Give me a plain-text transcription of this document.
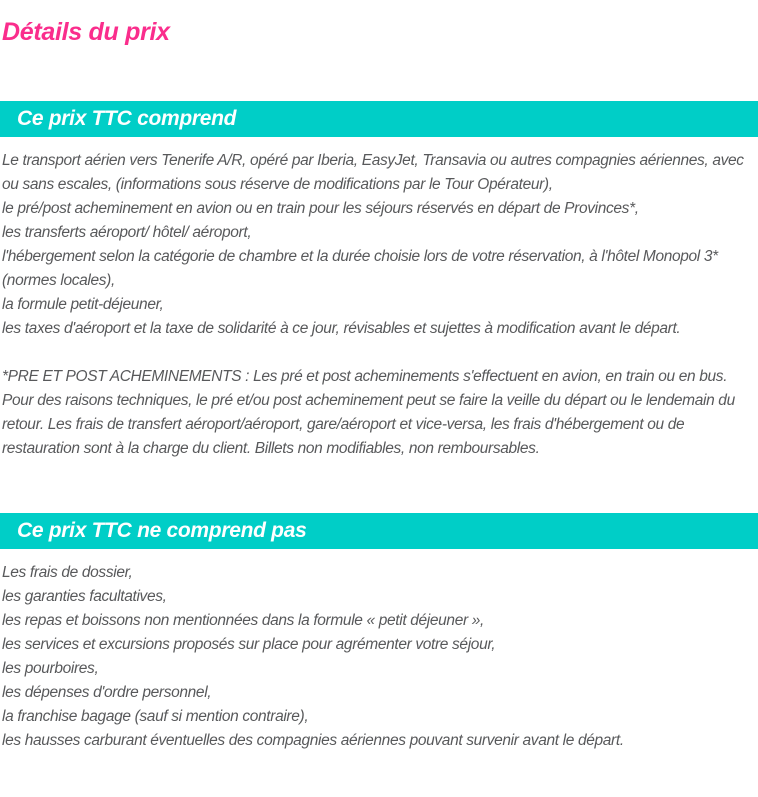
Détails du prix
Ce prix TTC comprend

Le transport aérien vers Tenerife A/R, opéré par Iberia, EasyJet, Transavia ou autres compagnies aériennes, avec ou sans escales, (informations sous réserve de modifications par le Tour Opérateur),

le pré/post acheminement en avion ou en train pour les séjours réservés en départ de Provinces*,

les transferts aéroport/ hôtel/ aéroport,

l'hébergement selon la catégorie de chambre et la durée choisie lors de votre réservation, à l'hôtel Monopol 3* (normes locales),

la formule petit-déjeuner,

les taxes d'aéroport et la taxe de solidarité à ce jour, révisables et sujettes à modification avant le départ.

*PRE ET POST ACHEMINEMENTS : Les pré et post acheminements s'effectuent en avion, en train ou en bus. Pour des raisons techniques, le pré et/ou post acheminement peut se faire la veille du départ ou le lendemain du retour. Les frais de transfert aéroport/aéroport, gare/aéroport et vice-versa, les frais d'hébergement ou de restauration sont à la charge du client. Billets non modifiables, non remboursables.

Ce prix TTC ne comprend pas

Les frais de dossier,

les garanties facultatives,

les repas et boissons non mentionnées dans la formule « petit déjeuner »,

les services et excursions proposés sur place pour agrémenter votre séjour,

les pourboires,

les dépenses d'ordre personnel,

la franchise bagage (sauf si mention contraire),

les hausses carburant éventuelles des compagnies aériennes pouvant survenir avant le départ.
